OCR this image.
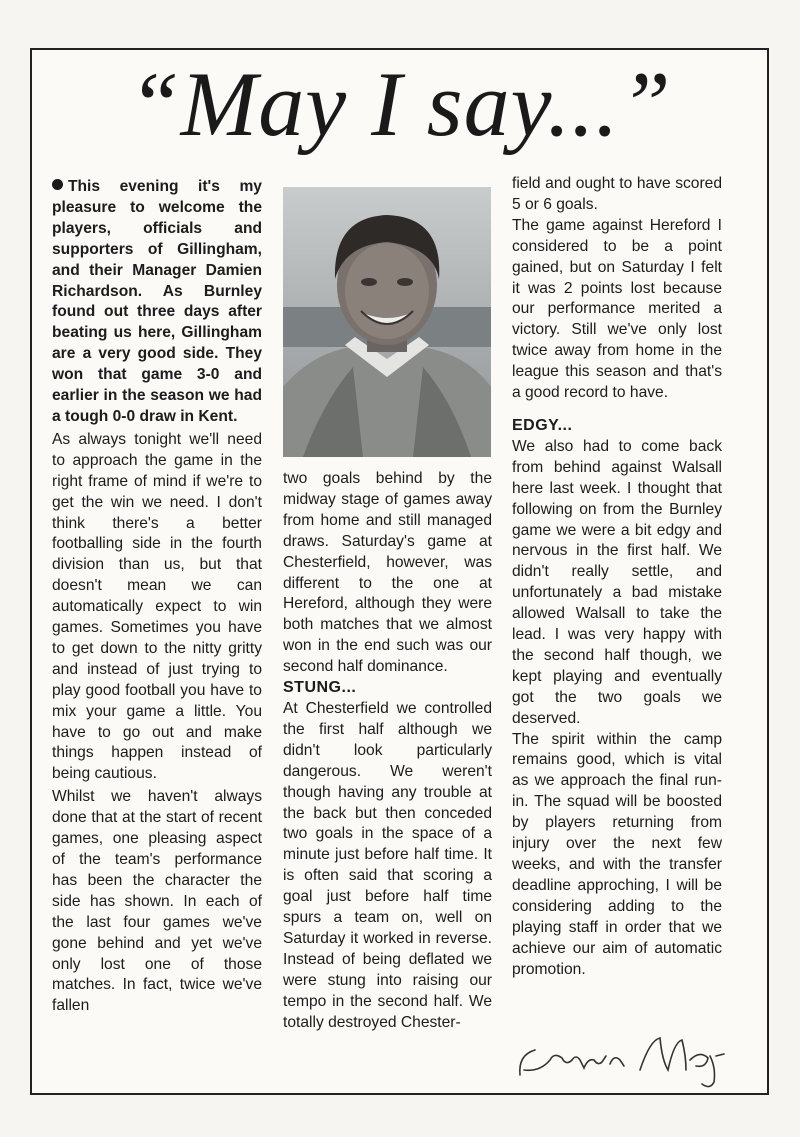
“May I say...”

This evening it's my pleasure to welcome the players, officials and supporters of Gillingham, and their Manager Damien Richardson. As Burnley found out three days after beating us here, Gillingham are a very good side. They won that game 3-0 and earlier in the season we had a tough 0-0 draw in Kent.

As always tonight we'll need to approach the game in the right frame of mind if we're to get the win we need. I don't think there's a better footballing side in the fourth division than us, but that doesn't mean we can automatically expect to win games. Sometimes you have to get down to the nitty gritty and instead of just trying to play good football you have to mix your game a little. You have to go out and make things happen instead of being cautious.

Whilst we haven't always done that at the start of recent games, one pleasing aspect of the team's performance has been the character the side has shown. In each of the last four games we've gone behind and yet we've only lost one of those matches. In fact, twice we've fallen

two goals behind by the midway stage of games away from home and still managed draws. Saturday's game at Chesterfield, however, was different to the one at Hereford, although they were both matches that we almost won in the end such was our second half dominance.

STUNG...

At Chesterfield we controlled the first half although we didn't look particularly dangerous. We weren't though having any trouble at the back but then conceded two goals in the space of a minute just before half time. It is often said that scoring a goal just before half time spurs a team on, well on Saturday it worked in reverse. Instead of being deflated we were stung into raising our tempo in the second half. We totally destroyed Chester-

field and ought to have scored 5 or 6 goals.

The game against Hereford I considered to be a point gained, but on Saturday I felt it was 2 points lost because our performance merited a victory. Still we've only lost twice away from home in the league this season and that's a good record to have.

EDGY...

We also had to come back from behind against Walsall here last week. I thought that following on from the Burnley game we were a bit edgy and nervous in the first half. We didn't really settle, and unfortunately a bad mistake allowed Walsall to take the lead. I was very happy with the second half though, we kept playing and eventually got the two goals we deserved.

The spirit within the camp remains good, which is vital as we approach the final run-in. The squad will be boosted by players returning from injury over the next few weeks, and with the transfer deadline approching, I will be considering adding to the playing staff in order that we achieve our aim of automatic promotion.
